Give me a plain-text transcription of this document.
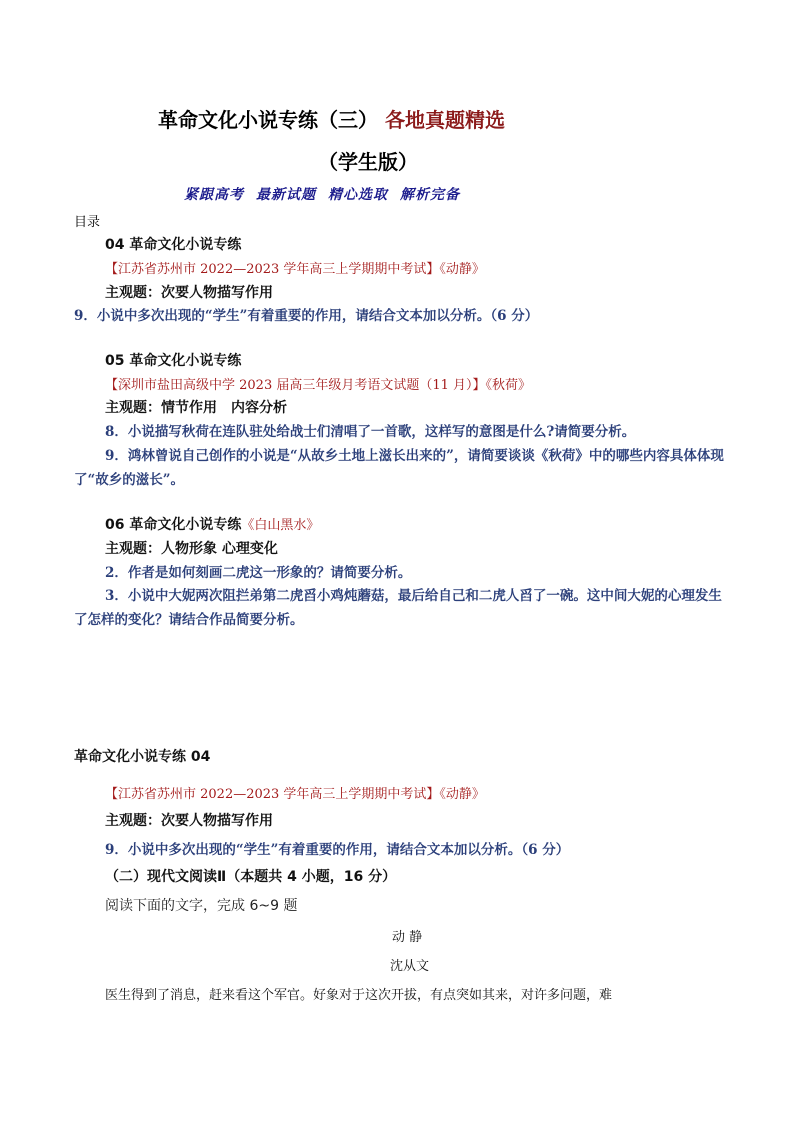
革命文化小说专练（三） 各地真题精选
（学生版）
紧跟高考 最新试题 精心选取 解析完备
目录
04 革命文化小说专练
【江苏省苏州市 2022—2023 学年高三上学期期中考试】《动静》
主观题：次要人物描写作用
9．小说中多次出现的“学生”有着重要的作用，请结合文本加以分析。（6 分）
05 革命文化小说专练
【深圳市盐田高级中学 2023 届高三年级月考语文试题（11 月）】《秋荷》
主观题：情节作用　内容分析
8．小说描写秋荷在连队驻处给战士们清唱了一首歌，这样写的意图是什么?请简要分析。
9．鸿林曾说自己创作的小说是“从故乡土地上滋长出来的”，请简要谈谈《秋荷》中的哪些内容具体体现了“故乡的滋长”。
06 革命文化小说专练《白山黑水》
主观题：人物形象 心理变化
2．作者是如何刻画二虎这一形象的？请简要分析。
3．小说中大妮两次阻拦弟第二虎舀小鸡炖蘑菇，最后给自己和二虎人舀了一碗。这中间大妮的心理发生了怎样的变化？请结合作品简要分析。
革命文化小说专练 04
【江苏省苏州市 2022—2023 学年高三上学期期中考试】《动静》
主观题：次要人物描写作用
9．小说中多次出现的“学生”有着重要的作用，请结合文本加以分析。（6 分）
（二）现代文阅读Ⅱ（本题共 4 小题，16 分）
阅读下面的文字，完成 6~9 题
动 静
沈从文
医生得到了消息，赶来看这个军官。好象对于这次开拔，有点突如其来，对许多问题，难
